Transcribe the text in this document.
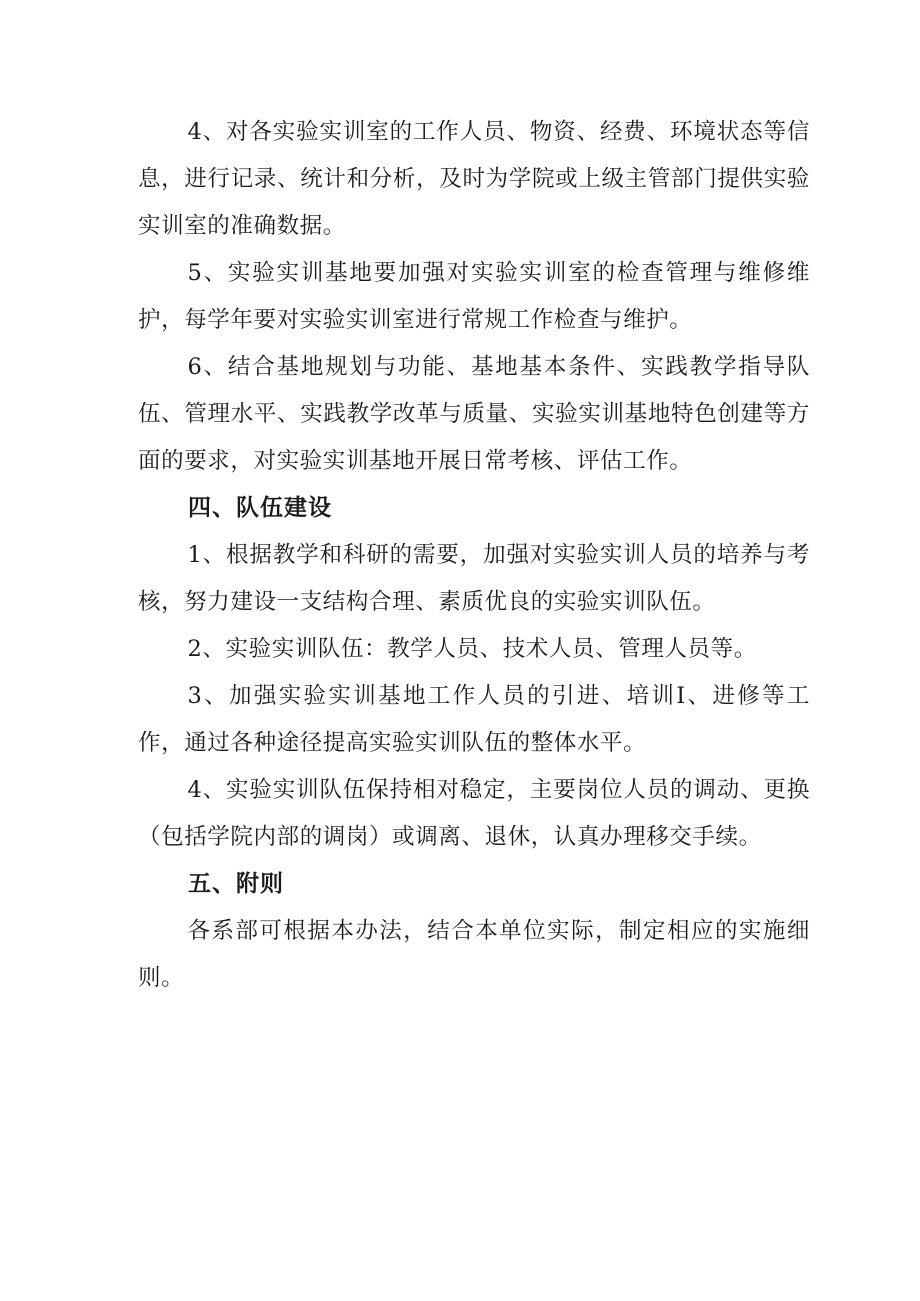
4、对各实验实训室的工作人员、物资、经费、环境状态等信息，进行记录、统计和分析，及时为学院或上级主管部门提供实验实训室的准确数据。

5、实验实训基地要加强对实验实训室的检查管理与维修维护，每学年要对实验实训室进行常规工作检查与维护。

6、结合基地规划与功能、基地基本条件、实践教学指导队伍、管理水平、实践教学改革与质量、实验实训基地特色创建等方面的要求，对实验实训基地开展日常考核、评估工作。

四、队伍建设

1、根据教学和科研的需要，加强对实验实训人员的培养与考核，努力建设一支结构合理、素质优良的实验实训队伍。

2、实验实训队伍：教学人员、技术人员、管理人员等。

3、加强实验实训基地工作人员的引进、培训I、进修等工作，通过各种途径提高实验实训队伍的整体水平。

4、实验实训队伍保持相对稳定，主要岗位人员的调动、更换（包括学院内部的调岗）或调离、退休，认真办理移交手续。

五、附则

各系部可根据本办法，结合本单位实际，制定相应的实施细则。
